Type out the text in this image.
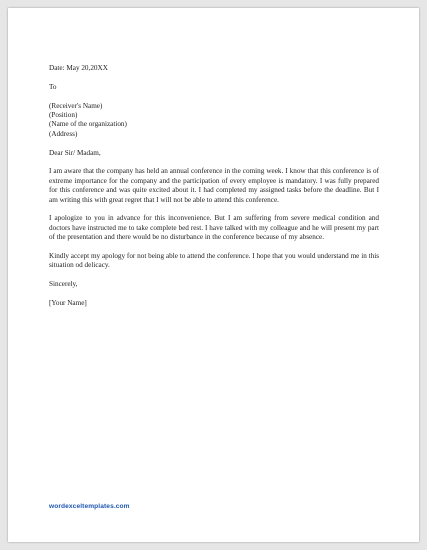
Date: May 20,20XX

To

(Receiver's Name)
(Position)
(Name of the organization)
(Address)

Dear Sir/ Madam,

I am aware that the company has held an annual conference in the coming week. I know that this conference is of extreme importance for the company and the participation of every employee is mandatory. I was fully prepared for this conference and was quite excited about it. I had completed my assigned tasks before the deadline. But I am writing this with great regret that I will not be able to attend this conference.

I apologize to you in advance for this inconvenience. But I am suffering from severe medical condition and doctors have instructed me to take complete bed rest. I have talked with my colleague and he will present my part of the presentation and there would be no disturbance in the conference because of my absence.

Kindly accept my apology for not being able to attend the conference. I hope that you would understand me in this situation od delicacy.

Sincerely,

[Your Name]

wordexceltemplates.com
